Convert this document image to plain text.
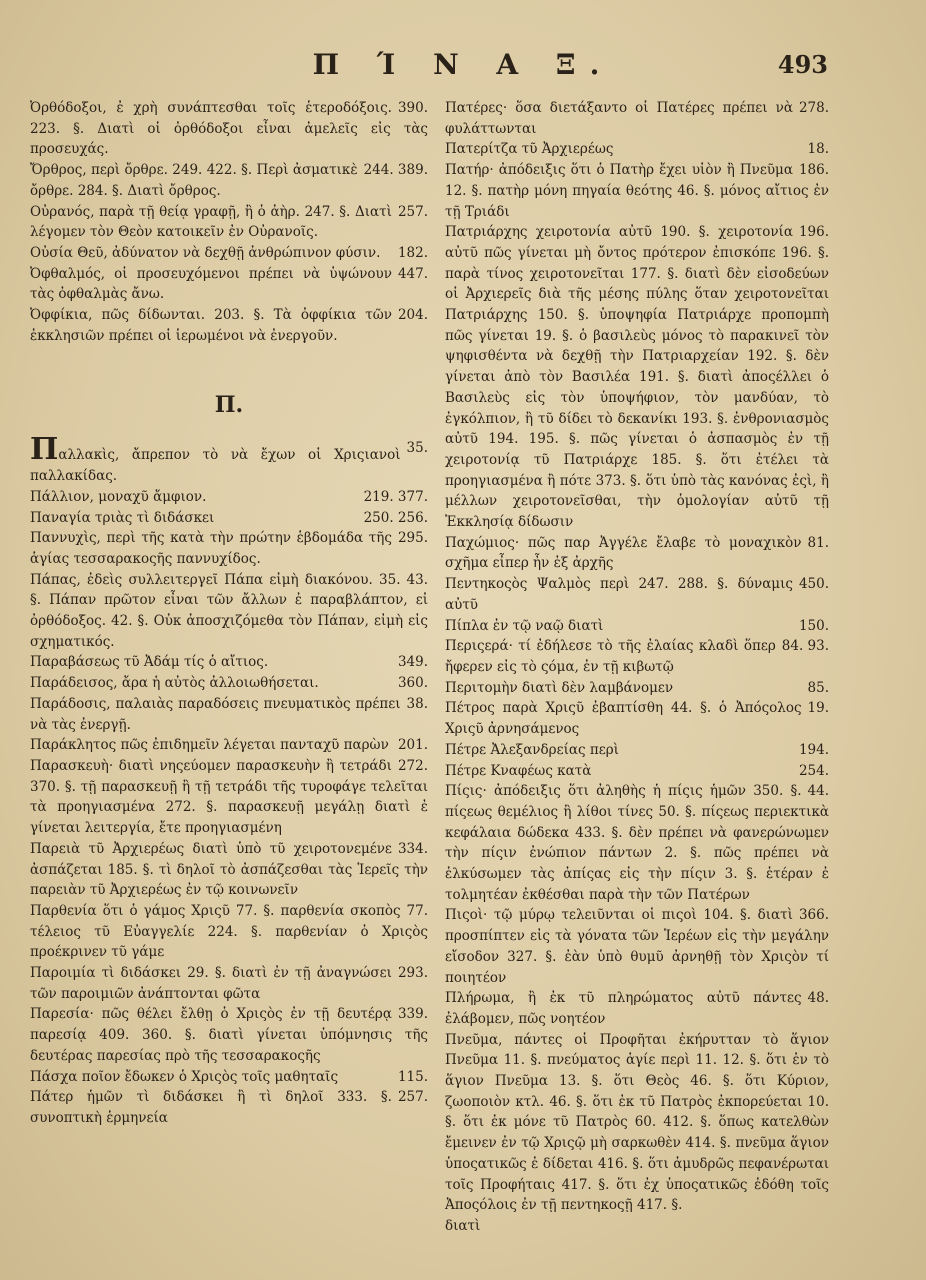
Π Ί Ν Α Ξ.	493

390.
Ὀρθόδοξοι, ἐ χρὴ συνάπτεσθαι τοῖς ἑτεροδόξοις. 223. §. Διατὶ οἱ ὀρθόδοξοι εἶναι ἀμελεῖς εἰς τὰς προσευχάς.

244. 389.
Ὄρθρος, περὶ ὄρθρε. 249. 422. §. Περὶ ἀσματικὲ ὄρθρε. 284. §. Διατὶ ὄρθρος.

257.
Οὐρανός, παρὰ τῇ θείᾳ γραφῇ, ἢ ὁ ἀὴρ. 247. §. Διατὶ λέγομεν τὸν Θεὸν κατοικεῖν ἐν Οὐρανοῖς.

182.
Οὐσία Θεῦ, ἀδύνατον νὰ δεχθῇ ἀνθρώπινον φύσιν.

447.
Ὀφθαλμός, οἱ προσευχόμενοι πρέπει νὰ ὑψώνουν τὰς ὀφθαλμὰς ἄνω.

204.
Ὀφφίκια, πῶς δίδωνται. 203. §. Τὰ ὀφφίκια τῶν ἐκκλησιῶν πρέπει οἱ ἱερωμένοι νὰ ἐνεργοῦν.

Π.

35.
Παλλακὶς, ἄπρεπον τὸ νὰ ἔχων οἱ Χριςιανοὶ παλλακίδας.

219. 377.
Πάλλιον, μοναχῦ ἄμφιον.

250. 256.
Παναγία τριὰς τὶ διδάσκει

295.
Παννυχὶς, περὶ τῆς κατὰ τὴν πρώτην ἑβδομάδα τῆς ἁγίας τεσσαρακοςῆς παννυχίδος.

43.
Πάπας, ἐδεὶς συλλειτεργεῖ Πάπα εἰμὴ διακόνου. 35. §. Πάπαν πρῶτον εἶναι τῶν ἄλλων ἐ παραβλάπτον, εἰ ὀρθόδοξος. 42. §. Οὐκ ἀποσχιζόμεθα τὸν Πάπαν, εἰμὴ εἰς σχηματικός.

349.
Παραβάσεως τῦ Ἀδάμ τίς ὁ αἴτιος.

360.
Παράδεισος, ἄρα ἡ αὐτὸς ἀλλοιωθήσεται.

38.
Παράδοσις, παλαιὰς παραδόσεις πνευματικὸς πρέπει νὰ τὰς ἐνεργῇ.

201.
Παράκλητος πῶς ἐπιδημεῖν λέγεται πανταχῦ παρὼν

272.
Παρασκευὴ· διατὶ νηςεύομεν παρασκευὴν ἢ τετράδι 370. §. τῇ παρασκευῇ ἢ τῇ τετράδι τῆς τυροφάγε τελεῖται τὰ προηγιασμένα 272. §. παρασκευῇ μεγάλῃ διατὶ ἐ γίνεται λειτεργία, ἔτε προηγιασμένη

334.
Παρειὰ τῦ Ἀρχιερέως διατὶ ὑπὸ τῦ χειροτονεμένε ἀσπάζεται 185. §. τὶ δηλοῖ τὸ ἀσπάζεσθαι τὰς Ἱερεῖς τὴν παρειὰν τῦ Ἀρχιερέως ἐν τῷ κοινωνεῖν

77.
Παρθενία ὅτι ὁ γάμος Χριςῦ 77. §. παρθενία σκοπὸς τέλειος τῦ Εὐαγγελίε 224. §. παρθενίαν ὁ Χριςὸς προέκρινεν τῦ γάμε

293.
Παροιμία τὶ διδάσκει 29. §. διατὶ ἐν τῇ ἀναγνώσει τῶν παροιμιῶν ἀνάπτονται φῶτα

339.
Παρεσία· πῶς θέλει ἔλθῃ ὁ Χριςὸς ἐν τῇ δευτέρᾳ παρεσίᾳ 409. 360. §. διατὶ γίνεται ὑπόμνησις τῆς δευτέρας παρεσίας πρὸ τῆς τεσσαρακοςῆς

115.
Πάσχα ποῖον ἔδωκεν ὁ Χριςὸς τοῖς μαθηταῖς

257.
Πάτερ ἡμῶν τὶ διδάσκει ἢ τὶ δηλοῖ 333. §. συνοπτικὴ ἑρμηνεία

278.
Πατέρες· ὅσα διετάξαντο οἱ Πατέρες πρέπει νὰ φυλάττωνται

18.
Πατερίτζα τῦ Ἀρχιερέως

186.
Πατήρ· ἀπόδειξις ὅτι ὁ Πατὴρ ἔχει υἱὸν ἢ Πνεῦμα 12. §. πατὴρ μόνη πηγαία θεότης 46. §. μόνος αἴτιος ἐν τῇ Τριάδι

196.
Πατριάρχης χειροτονία αὐτῦ 190. §. χειροτονία αὐτῦ πῶς γίνεται μὴ ὄντος πρότερον ἐπισκόπε 196. §. παρὰ τίνος χειροτονεῖται 177. §. διατὶ δὲν εἰσοδεύων οἱ Ἀρχιερεῖς διὰ τῆς μέσης πύλης ὅταν χειροτονεῖται Πατριάρχης 150. §. ὑποψηφία Πατριάρχε προπομπὴ πῶς γίνεται 19. §. ὁ βασιλεὺς μόνος τὸ παρακινεῖ τὸν ψηφισθέντα νὰ δεχθῇ τὴν Πατριαρχείαν 192. §. δὲν γίνεται ἀπὸ τὸν Βασιλέα 191. §. διατὶ ἀποςέλλει ὁ Βασιλεὺς εἰς τὸν ὑποψήφιον, τὸν μανδύαν, τὸ ἐγκόλπιον, ἢ τῦ δίδει τὸ δεκανίκι 193. §. ἐνθρονιασμὸς αὐτῦ 194. 195. §. πῶς γίνεται ὁ ἀσπασμὸς ἐν τῇ χειροτονίᾳ τῦ Πατριάρχε 185. §. ὅτι ἐτέλει τὰ προηγιασμένα ἢ πότε 373. §. ὅτι ὑπὸ τὰς κανόνας ἐςὶ, ἢ μέλλων χειροτονεῖσθαι, τὴν ὁμολογίαν αὐτῦ τῇ Ἐκκλησίᾳ δίδωσιν

81.
Παχώμιος· πῶς παρ Ἀγγέλε ἔλαβε τὸ μοναχικὸν σχῆμα εἶπερ ἦν ἐξ ἀρχῆς

450.
Πεντηκοςὸς Ψαλμὸς περὶ 247. 288. §. δύναμις αὐτῦ

150.
Πίπλα ἐν τῷ ναῷ διατὶ

84. 93.
Περιςερά· τί ἐδήλεσε τὸ τῆς ἐλαίας κλαδὶ ὅπερ ἤφερεν εἰς τὸ ςόμα, ἐν τῇ κιβωτῷ

85.
Περιτομὴν διατὶ δὲν λαμβάνομεν

19.
Πέτρος παρὰ Χριςῦ ἐβαπτίσθη 44. §. ὁ Ἀπόςολος Χριςῦ ἀρνησάμενος

194.
Πέτρε Ἀλεξανδρείας περὶ

254.
Πέτρε Κναφέως κατὰ

44.
Πίςις· ἀπόδειξις ὅτι ἀληθὴς ἡ πίςις ἡμῶν 350. §. πίςεως θεμέλιος ἢ λίθοι τίνες 50. §. πίςεως περιεκτικὰ κεφάλαια δώδεκα 433. §. δὲν πρέπει νὰ φανερώνωμεν τὴν πίςιν ἐνώπιον πάντων 2. §. πῶς πρέπει νὰ ἐλκύσωμεν τὰς ἀπίςας εἰς τὴν πίςιν 3. §. ἑτέραν ἐ τολμητέαν ἐκθέσθαι παρὰ τὴν τῶν Πατέρων

366.
Πιςοὶ· τῷ μύρῳ τελειῦνται οἱ πιςοὶ 104. §. διατὶ προσπίπτεν εἰς τὰ γόνατα τῶν Ἱερέων εἰς τὴν μεγάλην εἴσοδον 327. §. ἐὰν ὑπὸ θυμῦ ἀρνηθῇ τὸν Χριςὸν τί ποιητέον

48.
Πλήρωμα, ἢ ἐκ τῦ πληρώματος αὐτῦ πάντες ἐλάβομεν, πῶς νοητέον

Πνεῦμα, πάντες οἱ Προφῆται ἐκήρυτταν τὸ ἅγιον Πνεῦμα 11. §. πνεύματος ἁγίε περὶ 11. 12. §. ὅτι ἐν τὸ ἅγιον Πνεῦμα 13. §. ὅτι Θεὸς 46. §. ὅτι Κύριον, ζωοποιὸν κτλ. 46. §. ὅτι ἐκ τῦ Πατρὸς ἐκπορεύεται 10. §. ὅτι ἐκ μόνε τῦ Πατρὸς 60. 412. §. ὅπως κατελθὼν ἔμεινεν ἐν τῷ Χριςῷ μὴ σαρκωθὲν 414. §. πνεῦμα ἅγιον ὑποςατικῶς ἐ δίδεται 416. §. ὅτι ἀμυδρῶς πεφανέρωται τοῖς Προφήταις 417. §. ὅτι ἐχ ὑποςατικῶς ἐδόθη τοῖς Ἀποςόλοις ἐν τῇ πεντηκοςῇ 417. §.

διατὶ
